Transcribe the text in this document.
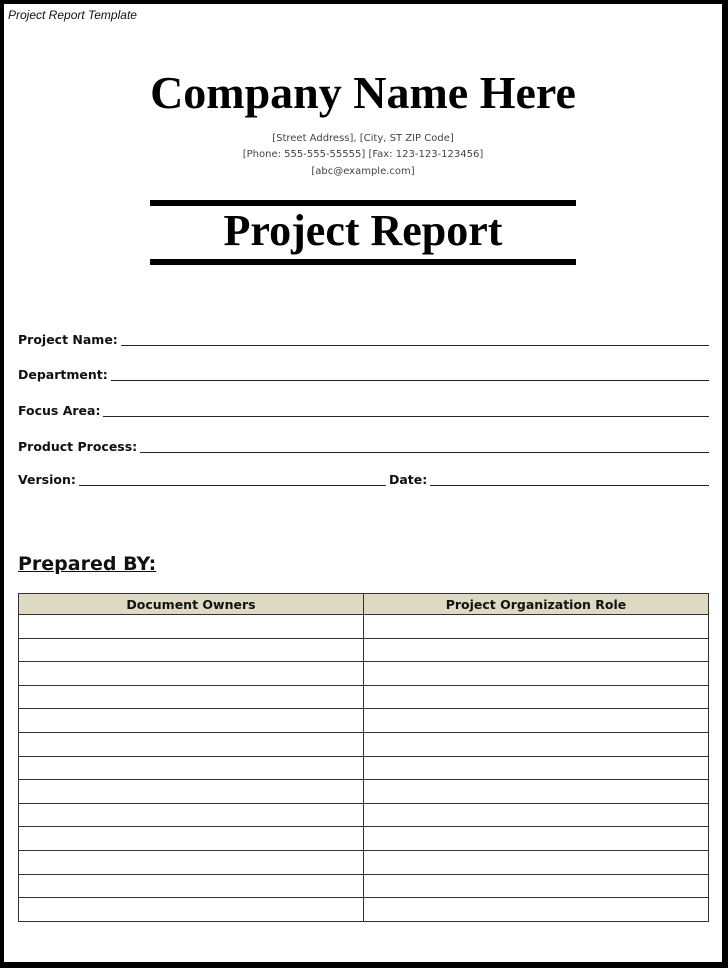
Project Report Template
Company Name Here
[Street Address], [City, ST ZIP Code]
[Phone: 555-555-55555] [Fax: 123-123-123456]
[abc@example.com]
Project Report
Project Name:
Department:
Focus Area:
Product Process:
Version:	Date:
Prepared BY:
Document Owners	Project Organization Role
